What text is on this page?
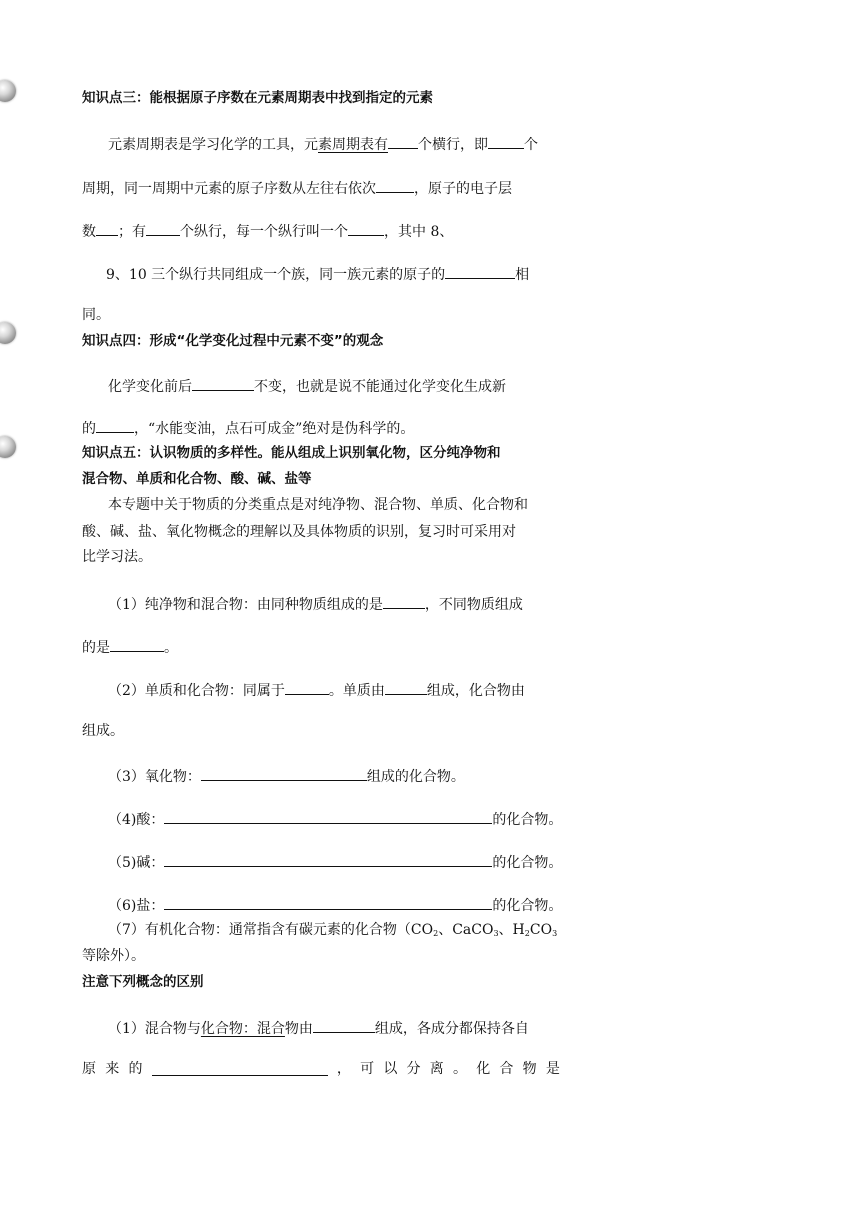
知识点三：能根据原子序数在元素周期表中找到指定的元素
元素周期表是学习化学的工具，元素周期表有 个横行，即	个
周期，同一周期中元素的原子序数从左往右依次	，原子的电子层
数 ；有 个纵行，每一个纵行叫一个	，其中 8、
9、10 三个纵行共同组成一个族，同一族元素的原子的	相
同。
知识点四：形成“化学变化过程中元素不变”的观念
化学变化前后	不变，也就是说不能通过化学变化生成新
的	，“水能变油，点石可成金”绝对是伪科学的。
知识点五：认识物质的多样性。能从组成上识别氧化物，区分纯净物和
混合物、单质和化合物、酸、碱、盐等
本专题中关于物质的分类重点是对纯净物、混合物、单质、化合物和
酸、碱、盐、氧化物概念的理解以及具体物质的识别，复习时可采用对
比学习法。
（1）纯净物和混合物：由同种物质组成的是	，不同物质组成
的是	。
（2）单质和化合物：同属于	。单质由	组成，化合物由
组成。
（3）氧化物：	组成的化合物。
（4)酸：	的化合物。
（5)碱：	的化合物。
（6)盐：	的化合物。
（7）有机化合物：通常指含有碳元素的化合物（$CO_2$、CaCO$_3$、$H_2CO_3$
等除外）。
注意下列概念的区别
（1）混合物与化合物：混合物由	组成，各成分都保持各自
原 来 的	， 可 以 分 离 。 化 合 物 是
